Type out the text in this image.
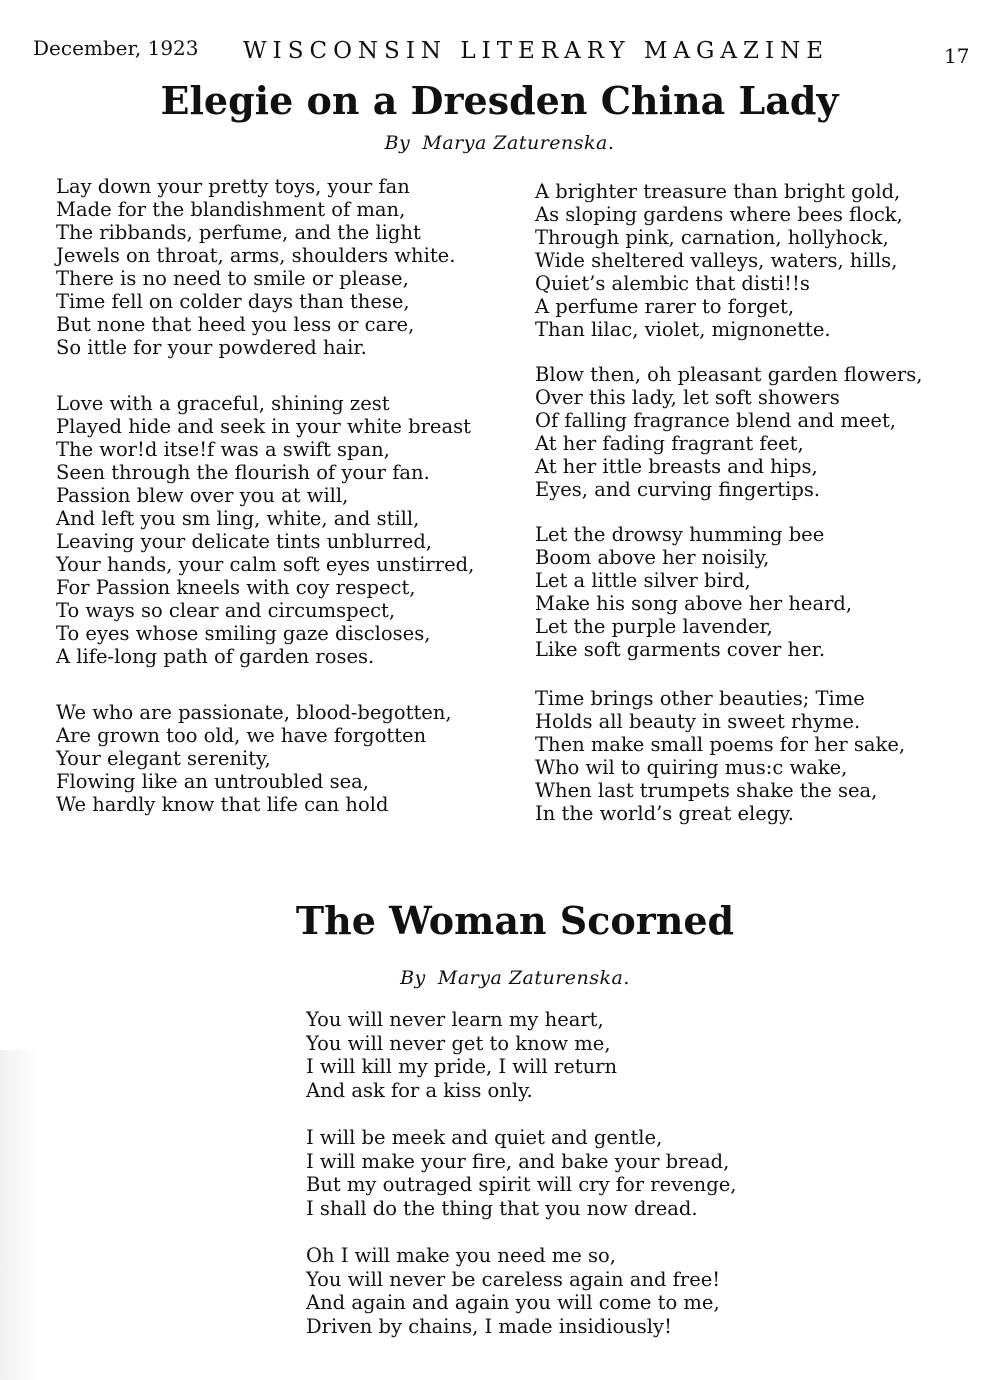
December, 1923 WISCONSIN LITERARY MAGAZINE	17
Elegie on a Dresden China Lady
By Marya Zaturenska.
Lay down your pretty toys, your fan
Made for the blandishment of man,
The ribbands, perfume, and the light
Jewels on throat, arms, shoulders white.
There is no need to smile or please,
Time fell on colder days than these,
But none that heed you less or care,
So ittle for your powdered hair.
Love with a graceful, shining zest
Played hide and seek in your white breast
The wor!d itse!f was a swift span,
Seen through the flourish of your fan.
Passion blew over you at will,
And left you sm ling, white, and still,
Leaving your delicate tints unblurred,
Your hands, your calm soft eyes unstirred,
For Passion kneels with coy respect,
To ways so clear and circumspect,
To eyes whose smiling gaze discloses,
A life-long path of garden roses.
We who are passionate, blood-begotten,
Are grown too old, we have forgotten
Your elegant serenity,
Flowing like an untroubled sea,
We hardly know that life can hold
A brighter treasure than bright gold,
As sloping gardens where bees flock,
Through pink, carnation, hollyhock,
Wide sheltered valleys, waters, hills,
Quiet’s alembic that disti!!s
A perfume rarer to forget,
Than lilac, violet, mignonette.
Blow then, oh pleasant garden flowers,
Over this lady, let soft showers
Of falling fragrance blend and meet,
At her fading fragrant feet,
At her ittle breasts and hips,
Eyes, and curving fingertips.
Let the drowsy humming bee
Boom above her noisily,
Let a little silver bird,
Make his song above her heard,
Let the purple lavender,
Like soft garments cover her.
Time brings other beauties; Time
Holds all beauty in sweet rhyme.
Then make small poems for her sake,
Who wil to quiring mus:c wake,
When last trumpets shake the sea,
In the world’s great elegy.
The Woman Scorned
By Marya Zaturenska.
You will never learn my heart,
You will never get to know me,
I will kill my pride, I will return
And ask for a kiss only.
I will be meek and quiet and gentle,
I will make your fire, and bake your bread,
But my outraged spirit will cry for revenge,
I shall do the thing that you now dread.
Oh I will make you need me so,
You will never be careless again and free!
And again and again you will come to me,
Driven by chains, I made insidiously!
